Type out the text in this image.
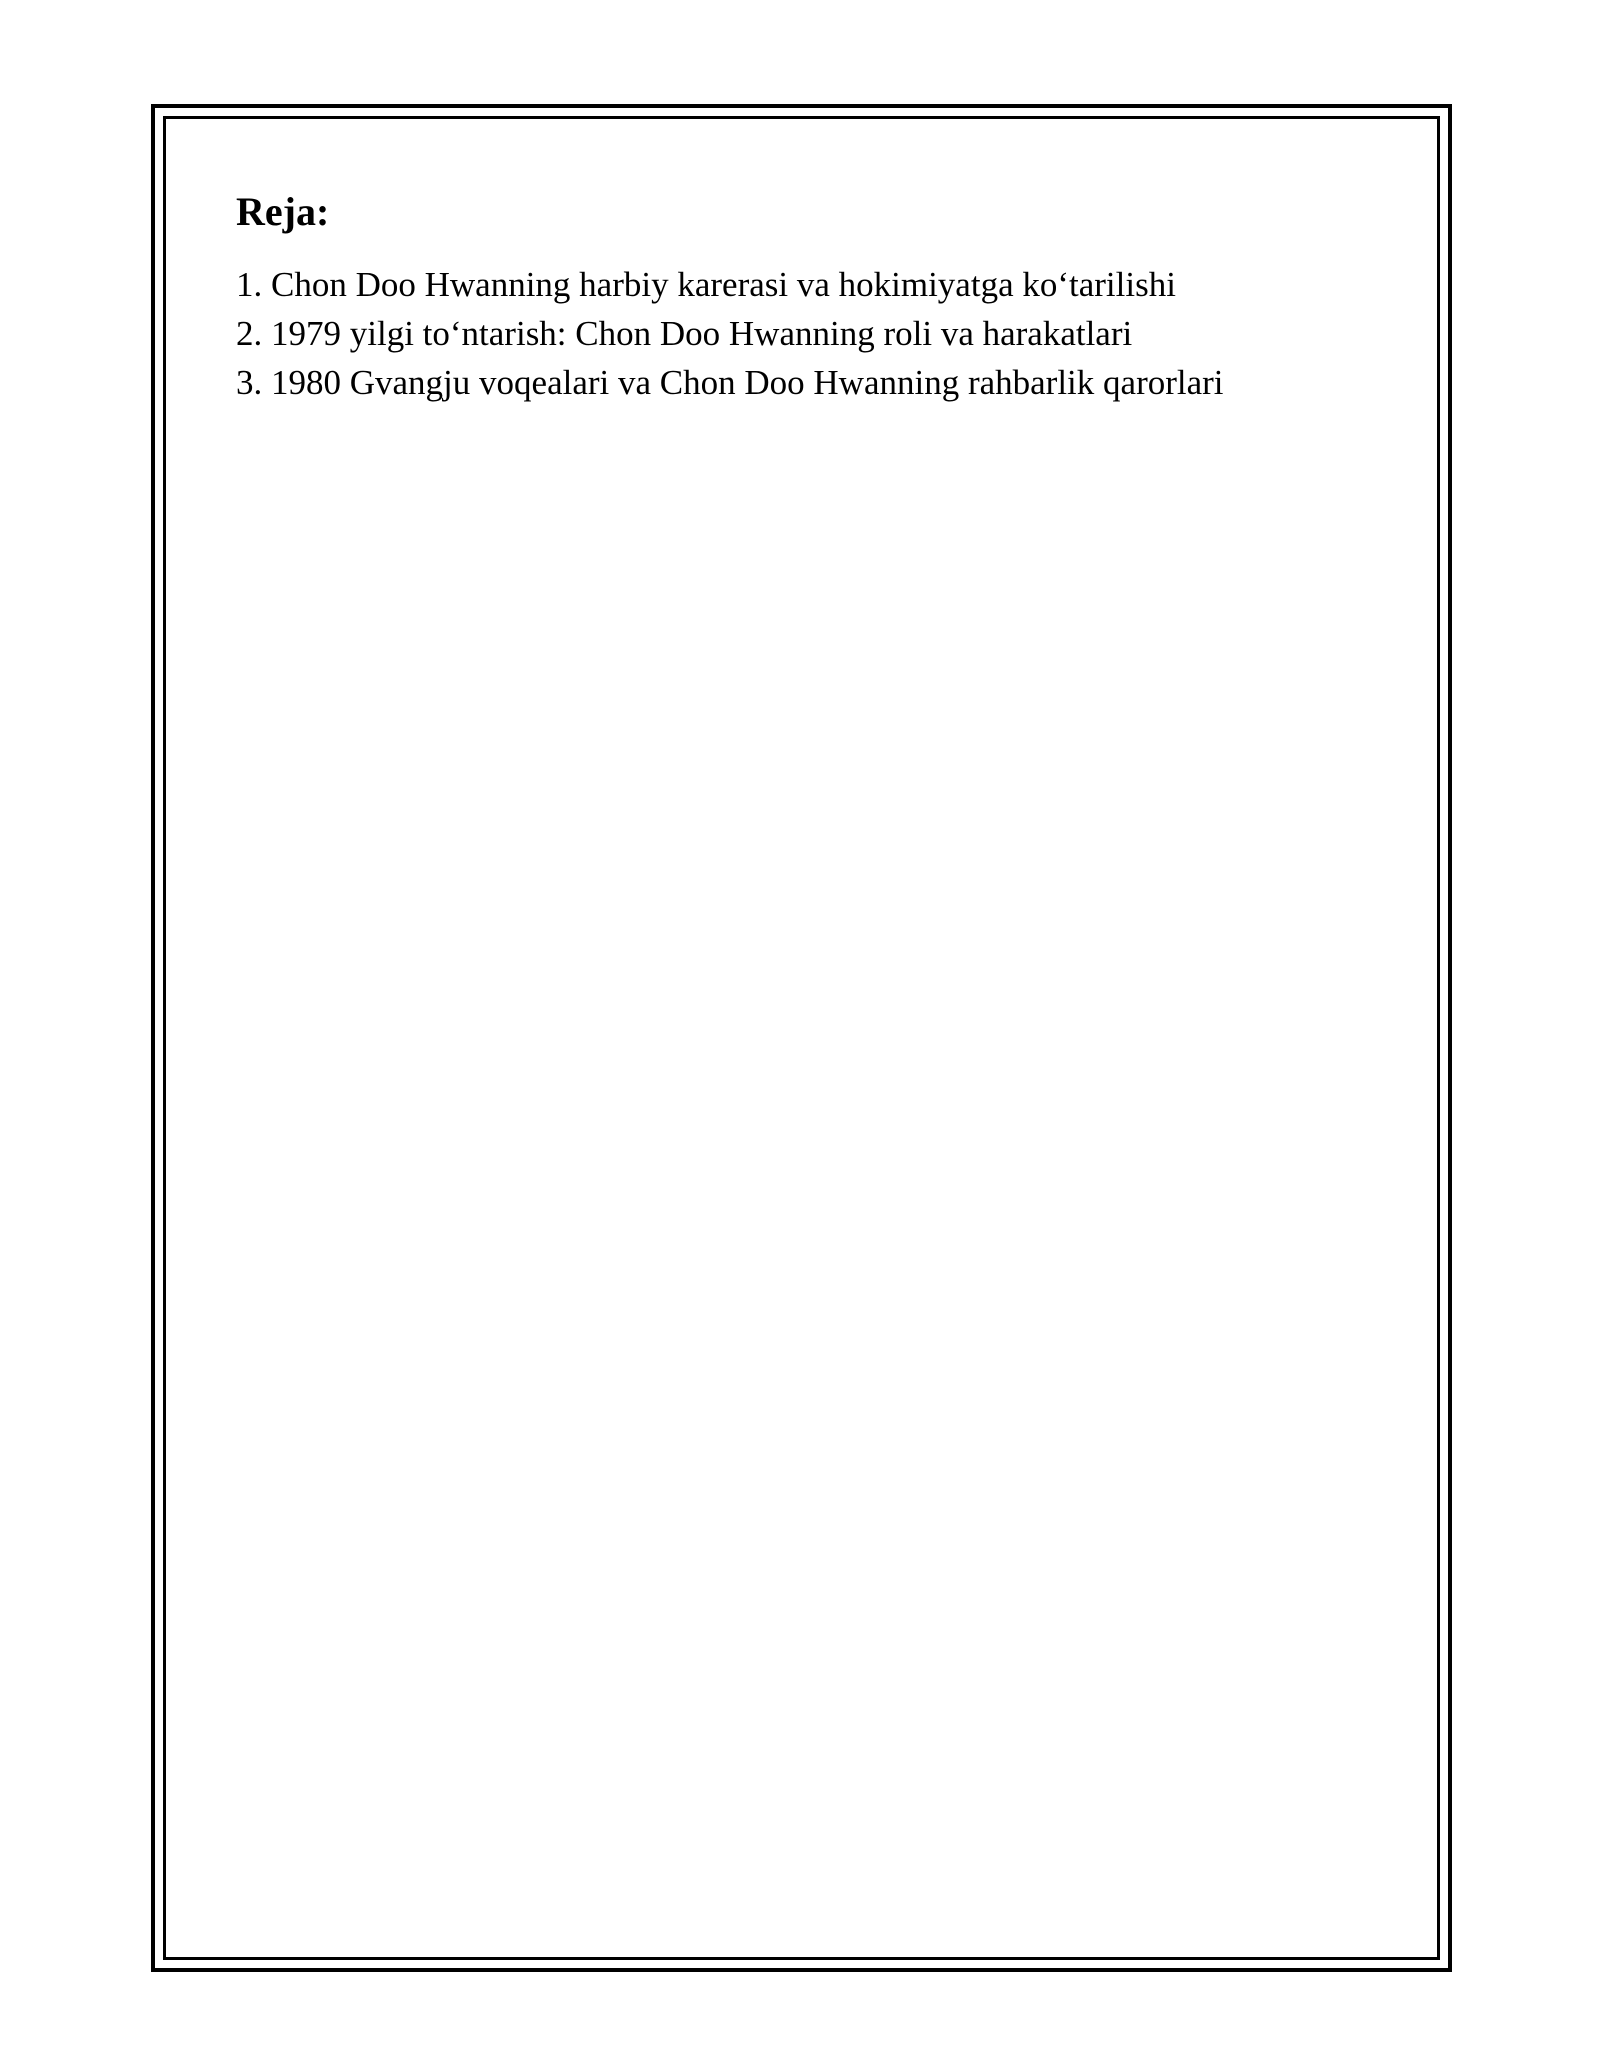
Reja:
1. Chon Doo Hwanning harbiy karerasi va hokimiyatga ko‘tarilishi
2. 1979 yilgi to‘ntarish: Chon Doo Hwanning roli va harakatlari
3. 1980 Gvangju voqealari va Chon Doo Hwanning rahbarlik qarorlari
